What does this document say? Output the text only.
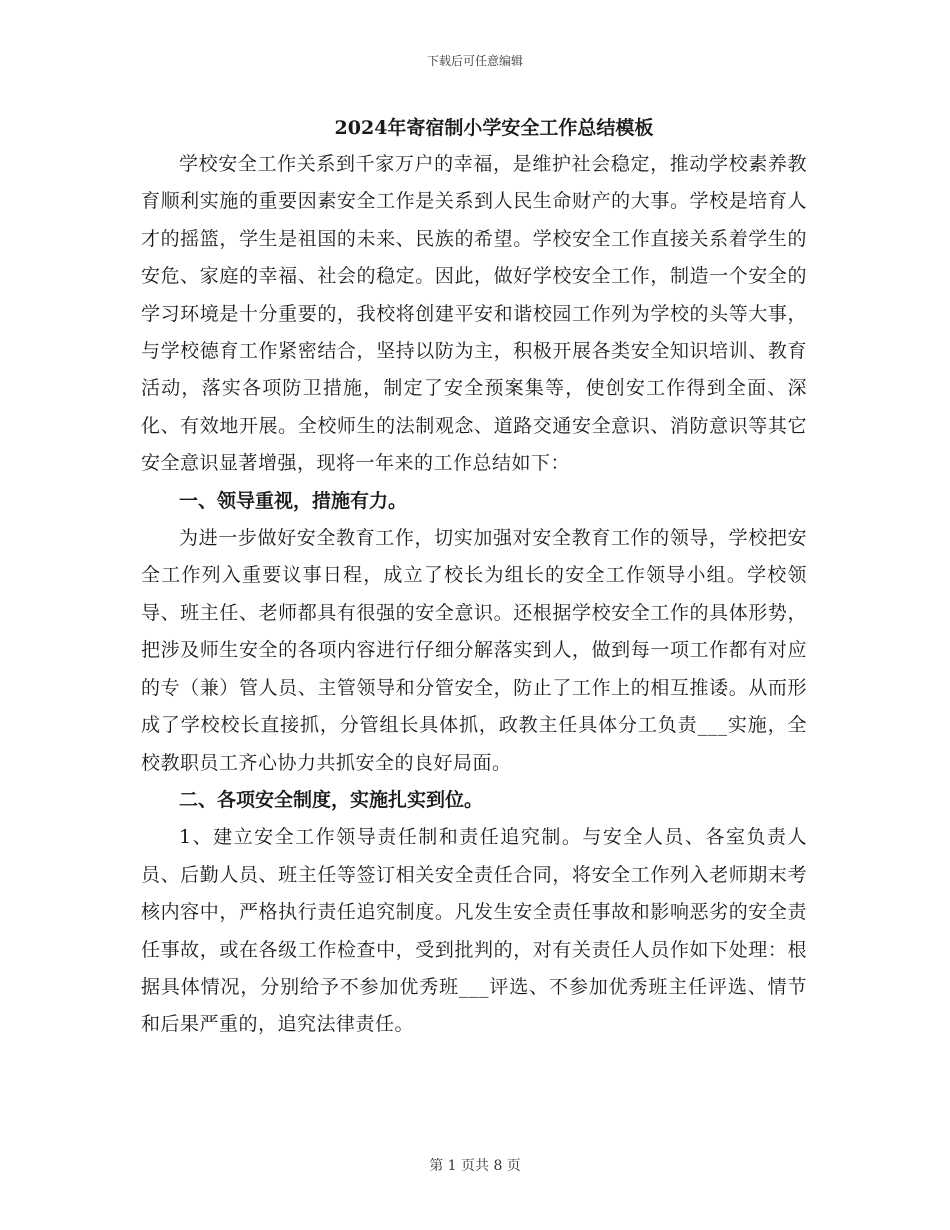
下载后可任意编辑
2024年寄宿制小学安全工作总结模板

学校安全工作关系到千家万户的幸福，是维护社会稳定，推动学校素养教育顺利实施的重要因素安全工作是关系到人民生命财产的大事。学校是培育人才的摇篮，学生是祖国的未来、民族的希望。学校安全工作直接关系着学生的安危、家庭的幸福、社会的稳定。因此，做好学校安全工作，制造一个安全的学习环境是十分重要的，我校将创建平安和谐校园工作列为学校的头等大事，与学校德育工作紧密结合，坚持以防为主，积极开展各类安全知识培训、教育活动，落实各项防卫措施，制定了安全预案集等，使创安工作得到全面、深化、有效地开展。全校师生的法制观念、道路交通安全意识、消防意识等其它安全意识显著增强，现将一年来的工作总结如下：

一、领导重视，措施有力。

为进一步做好安全教育工作，切实加强对安全教育工作的领导，学校把安全工作列入重要议事日程，成立了校长为组长的安全工作领导小组。学校领导、班主任、老师都具有很强的安全意识。还根据学校安全工作的具体形势，把涉及师生安全的各项内容进行仔细分解落实到人，做到每一项工作都有对应的专（兼）管人员、主管领导和分管安全，防止了工作上的相互推诿。从而形成了学校校长直接抓，分管组长具体抓，政教主任具体分工负责___实施，全校教职员工齐心协力共抓安全的良好局面。

二、各项安全制度，实施扎实到位。

1、建立安全工作领导责任制和责任追究制。与安全人员、各室负责人员、后勤人员、班主任等签订相关安全责任合同，将安全工作列入老师期末考核内容中，严格执行责任追究制度。凡发生安全责任事故和影响恶劣的安全责任事故，或在各级工作检查中，受到批判的，对有关责任人员作如下处理：根据具体情况，分别给予不参加优秀班___评选、不参加优秀班主任评选、情节和后果严重的，追究法律责任。

第 1 页共 8 页
